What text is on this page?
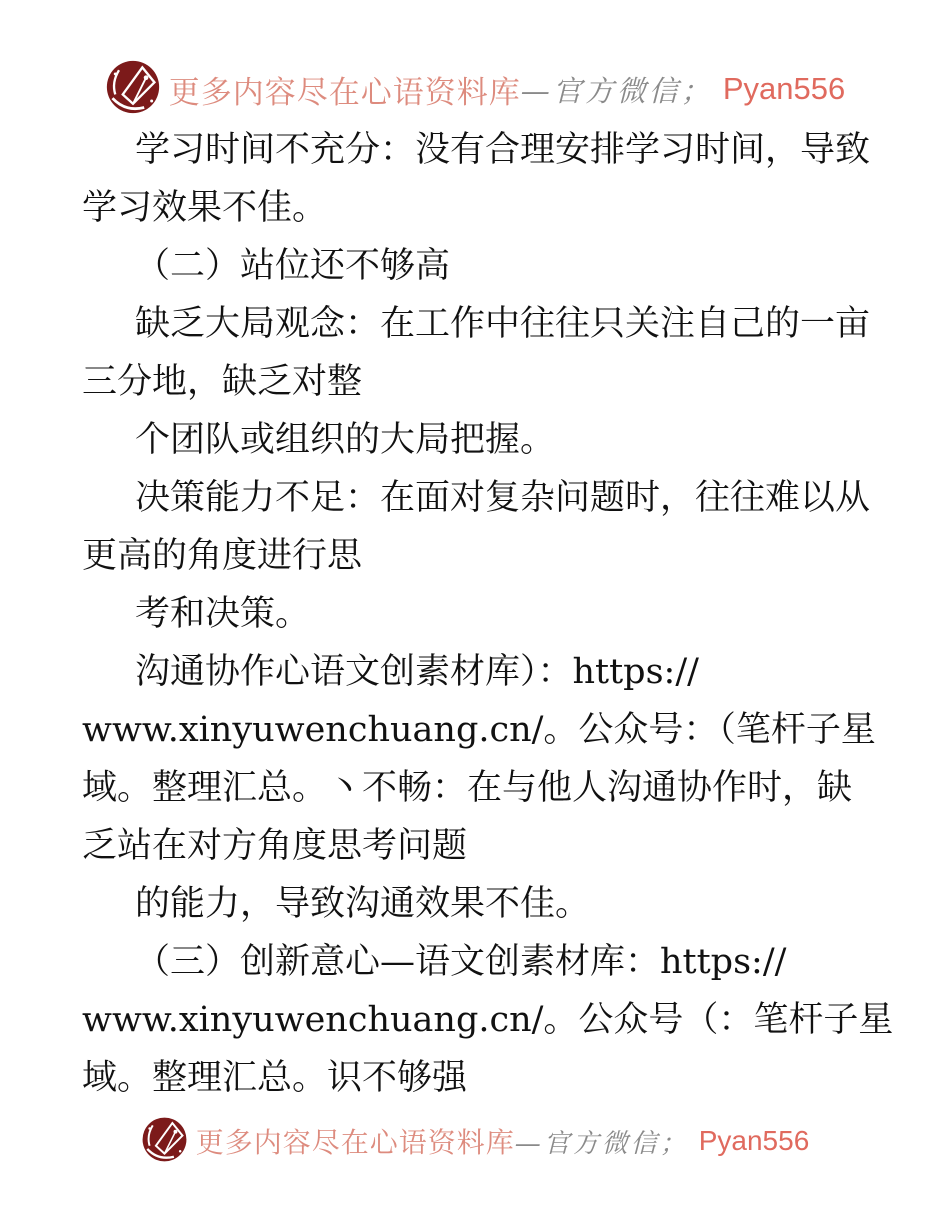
更多内容尽在心语资料库 —官方微信； Pyan556
学习时间不充分：没有合理安排学习时间，导致
学习效果不佳。
（二）站位还不够高
缺乏大局观念：在工作中往往只关注自己的一亩
三分地，缺乏对整
个团队或组织的大局把握。
决策能力不足：在面对复杂问题时，往往难以从
更高的角度进行思
考和决策。
沟通协作心语文创素材库）：https://
www.xinyuwenchuang.cn/。公众号：（笔杆子星
域。整理汇总。丶不畅：在与他人沟通协作时，缺
乏站在对方角度思考问题
的能力，导致沟通效果不佳。
（三）创新意心—语文创素材库：https://
www.xinyuwenchuang.cn/。公众号（：笔杆子星
域。整理汇总。识不够强
更多内容尽在心语资料库 —官方微信； Pyan556
